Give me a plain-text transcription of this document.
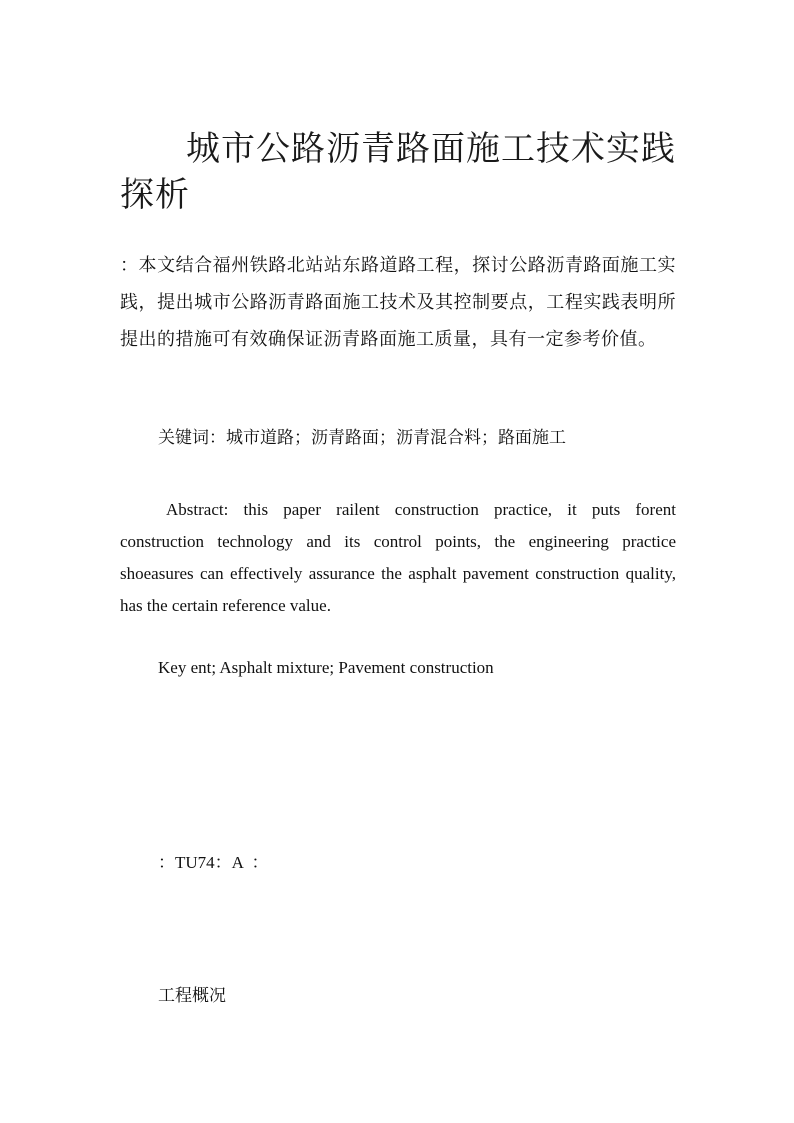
城市公路沥青路面施工技术实践探析
：本文结合福州铁路北站站东路道路工程，探讨公路沥青路面施工实践，提出城市公路沥青路面施工技术及其控制要点，工程实践表明所提出的措施可有效确保证沥青路面施工质量，具有一定参考价值。
关键词：城市道路；沥青路面；沥青混合料；路面施工
Abstract: this paper railent construction practice, it puts forent construction technology and its control points, the engineering practice shoeasures can effectively assurance the asphalt pavement construction quality, has the certain reference value.
Key ent; Asphalt mixture; Pavement construction
：TU74：A  ：
工程概况
